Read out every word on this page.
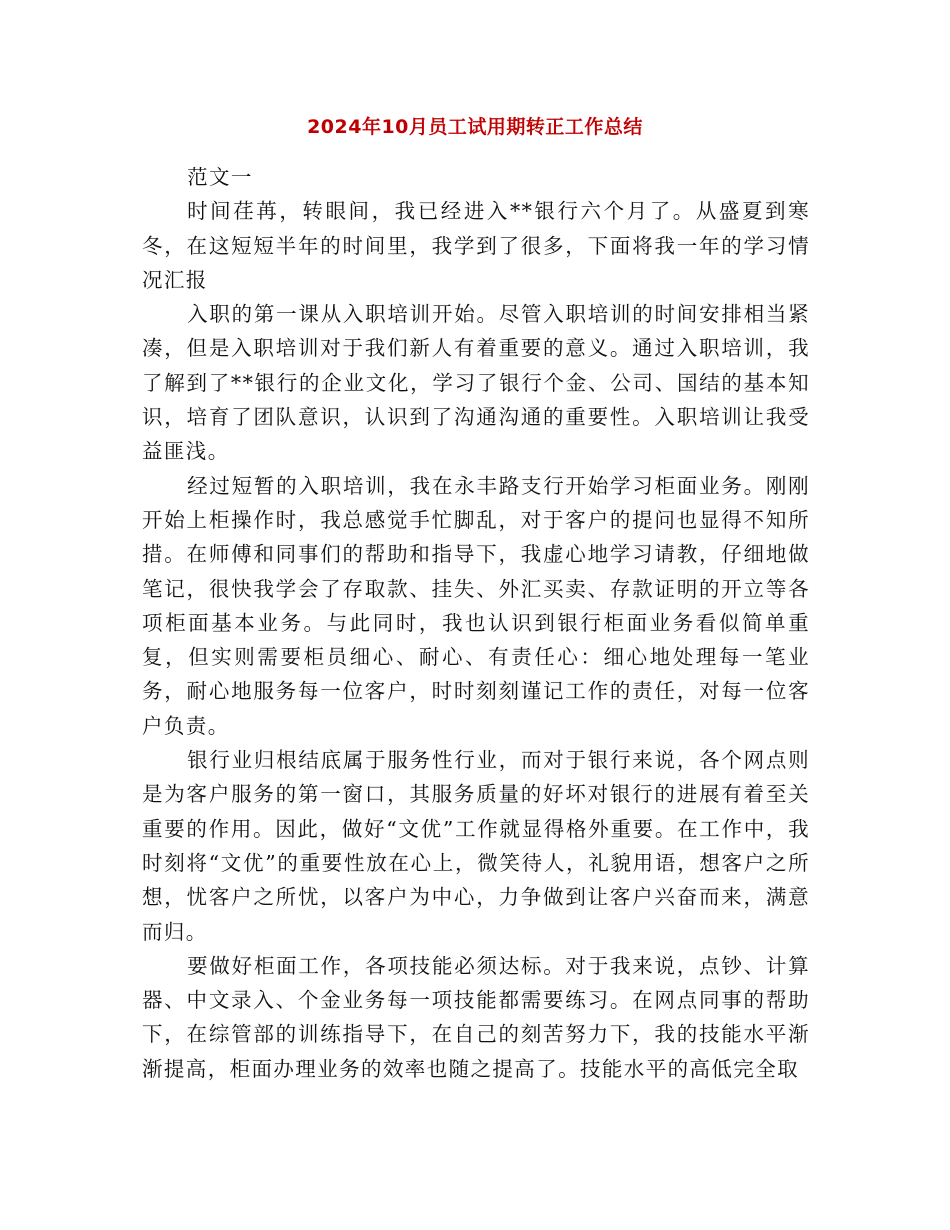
2024年10月员工试用期转正工作总结

范文一

时间荏苒，转眼间，我已经进入**银行六个月了。从盛夏到寒冬，在这短短半年的时间里，我学到了很多，下面将我一年的学习情况汇报

入职的第一课从入职培训开始。尽管入职培训的时间安排相当紧凑，但是入职培训对于我们新人有着重要的意义。通过入职培训，我了解到了**银行的企业文化，学习了银行个金、公司、国结的基本知识，培育了团队意识，认识到了沟通沟通的重要性。入职培训让我受益匪浅。

经过短暂的入职培训，我在永丰路支行开始学习柜面业务。刚刚开始上柜操作时，我总感觉手忙脚乱，对于客户的提问也显得不知所措。在师傅和同事们的帮助和指导下，我虚心地学习请教，仔细地做笔记，很快我学会了存取款、挂失、外汇买卖、存款证明的开立等各项柜面基本业务。与此同时，我也认识到银行柜面业务看似简单重复，但实则需要柜员细心、耐心、有责任心：细心地处理每一笔业务，耐心地服务每一位客户，时时刻刻谨记工作的责任，对每一位客户负责。

银行业归根结底属于服务性行业，而对于银行来说，各个网点则是为客户服务的第一窗口，其服务质量的好坏对银行的进展有着至关重要的作用。因此，做好“文优”工作就显得格外重要。在工作中，我时刻将“文优”的重要性放在心上，微笑待人，礼貌用语，想客户之所想，忧客户之所忧，以客户为中心，力争做到让客户兴奋而来，满意而归。

要做好柜面工作，各项技能必须达标。对于我来说，点钞、计算器、中文录入、个金业务每一项技能都需要练习。在网点同事的帮助下，在综管部的训练指导下，在自己的刻苦努力下，我的技能水平渐渐提高，柜面办理业务的效率也随之提高了。技能水平的高低完全取
